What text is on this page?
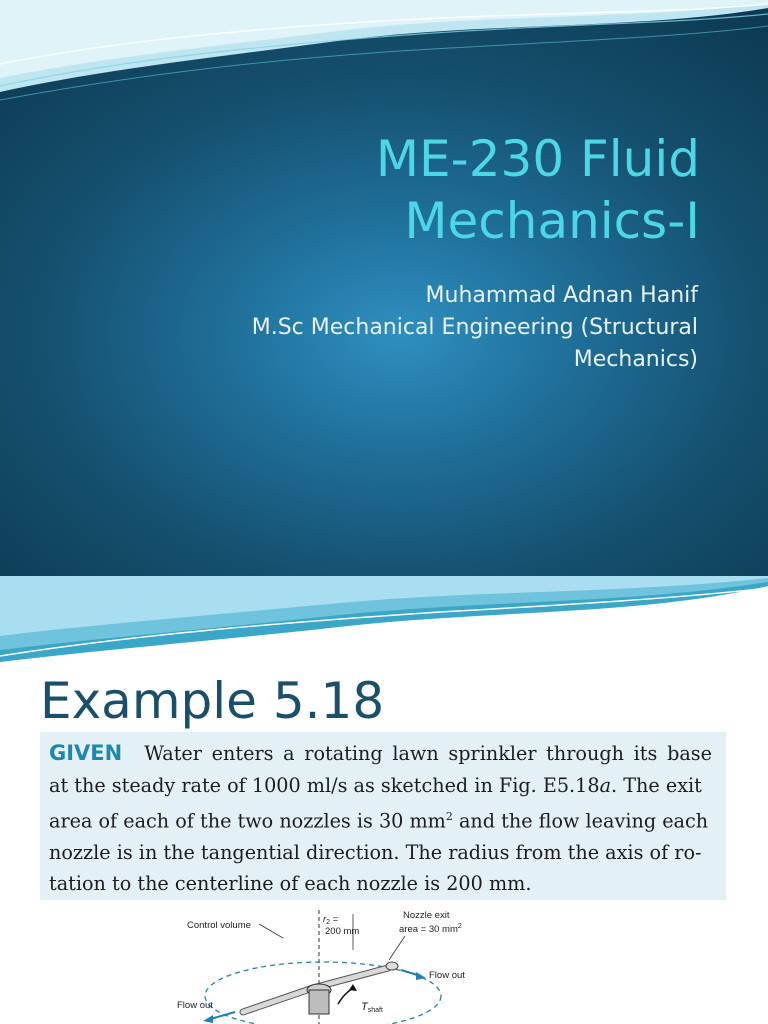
ME-230 Fluid
Mechanics-I
Muhammad Adnan Hanif
M.Sc Mechanical Engineering (Structural
Mechanics)
Example 5.18
GIVEN Water enters a rotating lawn sprinkler through its base
at the steady rate of 1000 ml/s as sketched in Fig. E5.18a. The exit
area of each of the two nozzles is 30 $mm^2$ and the flow leaving each
nozzle is in the tangential direction. The radius from the axis of ro-
tation to the centerline of each nozzle is 200 mm.
$r_2$ =
200 mm
Control volume
Nozzle exit
area = 30 $mm^2$
Flow out
Flow out
$T_{shaft}$
